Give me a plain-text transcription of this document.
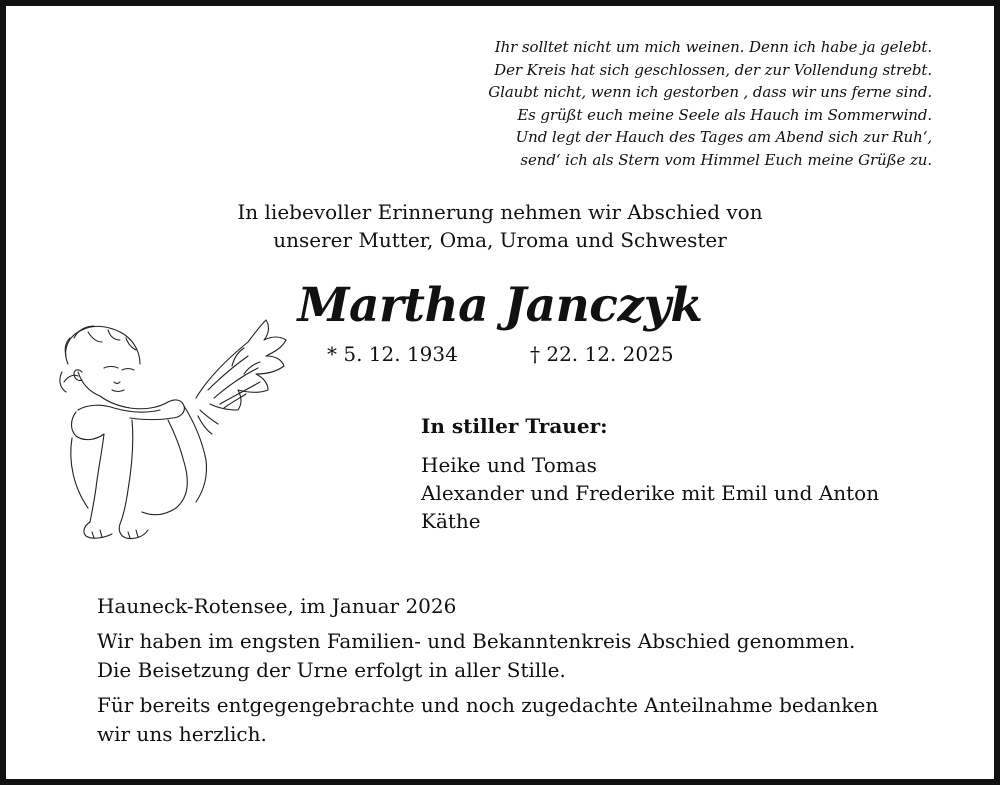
Ihr solltet nicht um mich weinen. Denn ich habe ja gelebt.
Der Kreis hat sich geschlossen, der zur Vollendung strebt.
Glaubt nicht, wenn ich gestorben , dass wir uns ferne sind.
Es grüßt euch meine Seele als Hauch im Sommerwind.
Und legt der Hauch des Tages am Abend sich zur Ruh‘,
send‘ ich als Stern vom Himmel Euch meine Grüße zu.
In liebevoller Erinnerung nehmen wir Abschied von
unserer Mutter, Oma, Uroma und Schwester
Martha Janczyk
* 5. 12. 1934	† 22. 12. 2025
In stiller Trauer:
Heike und Tomas
Alexander und Frederike mit Emil und Anton
Käthe
Hauneck-Rotensee, im Januar 2026
Wir haben im engsten Familien- und Bekanntenkreis Abschied genommen.
Die Beisetzung der Urne erfolgt in aller Stille.
Für bereits entgegengebrachte und noch zugedachte Anteilnahme bedanken
wir uns herzlich.
